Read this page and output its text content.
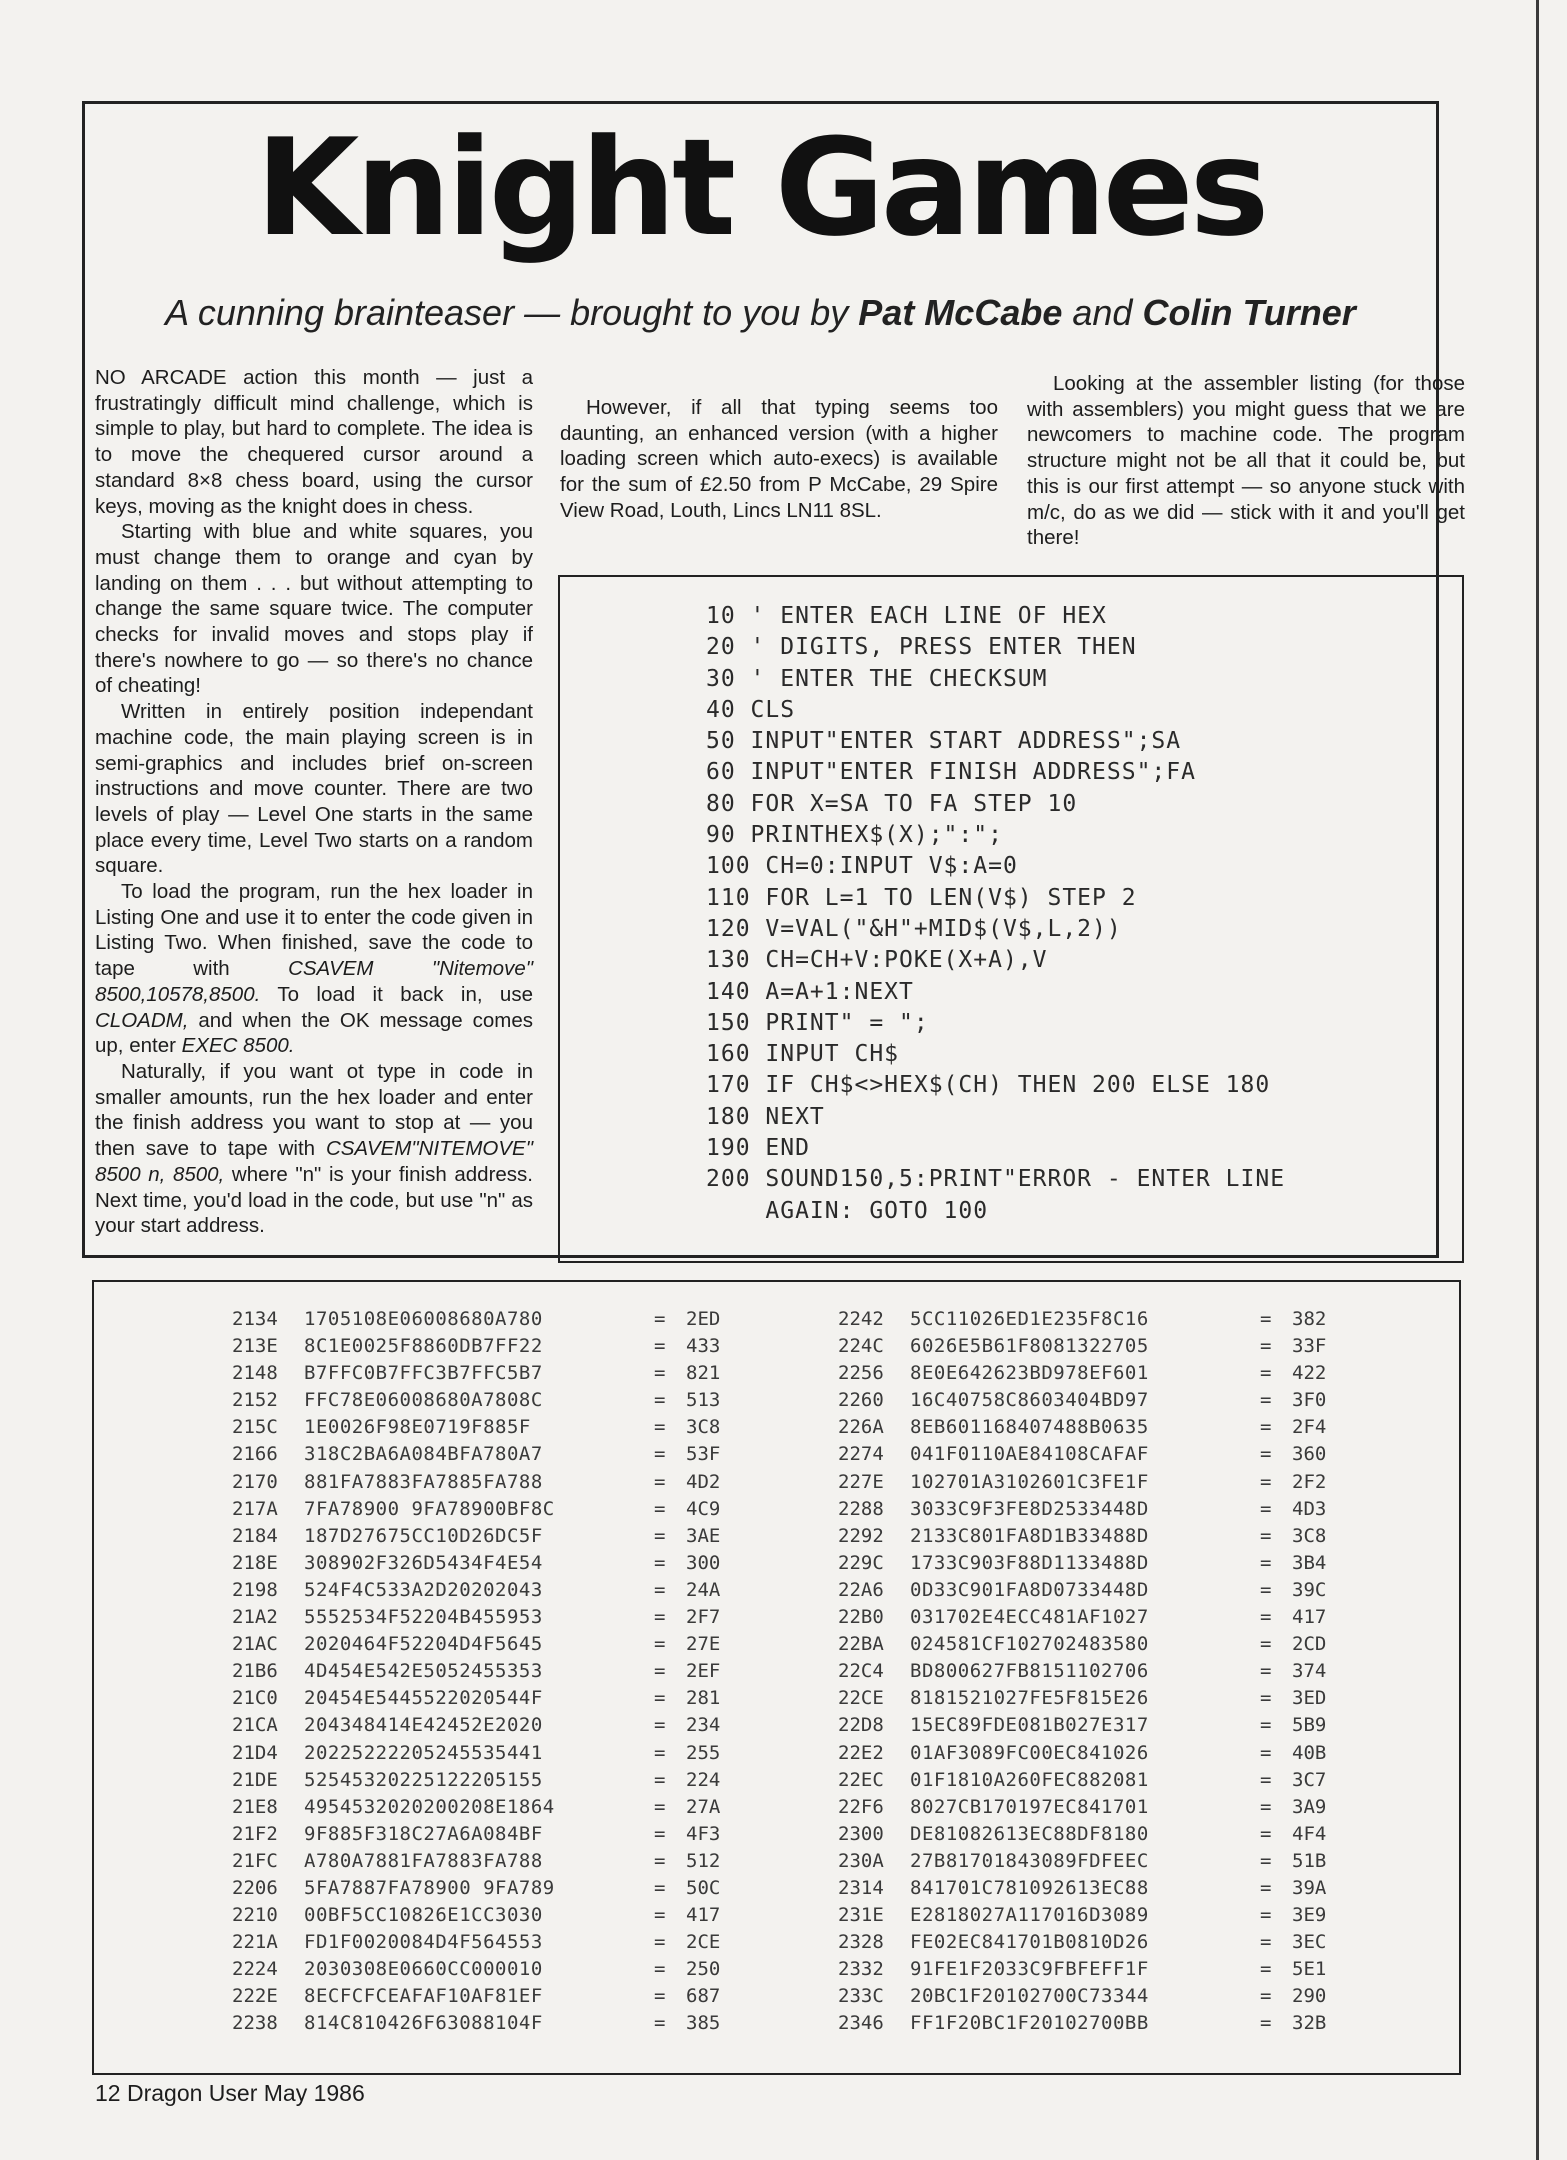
Knight Games
A cunning brainteaser — brought to you by Pat McCabe and Colin Turner

NO ARCADE action this month — just a frustratingly difficult mind challenge, which is simple to play, but hard to complete. The idea is to move the chequered cursor around a standard 8×8 chess board, using the cursor keys, moving as the knight does in chess.

Starting with blue and white squares, you must change them to orange and cyan by landing on them . . . but without attempting to change the same square twice. The computer checks for invalid moves and stops play if there's nowhere to go — so there's no chance of cheating!

Written in entirely position independant machine code, the main playing screen is in semi-graphics and includes brief on-screen instructions and move counter. There are two levels of play — Level One starts in the same place every time, Level Two starts on a random square.

To load the program, run the hex loader in Listing One and use it to enter the code given in Listing Two. When finished, save the code to tape with	CSAVEM "Nitemove" 8500,10578,8500. To load it back in, use CLOADM, and when the OK message comes up, enter EXEC 8500.

Naturally, if you want ot type in code in smaller amounts, run the hex loader and enter the finish address you want to stop at — you then save to tape with CSAVEM"NITEMOVE" 8500 n, 8500, where "n" is your finish address. Next time, you'd load in the code, but use "n" as your start address.

However, if all that typing seems too daunting, an enhanced version (with a higher loading screen which auto-execs) is available for the sum of £2.50 from P McCabe, 29 Spire View Road, Louth, Lincs LN11 8SL.

Looking at the assembler listing (for those with assemblers) you might guess that we are newcomers to machine code. The program structure might not be all that it could be, but this is our first attempt — so anyone stuck with m/c, do as we did — stick with it and you'll get there!

10 ' ENTER EACH LINE OF HEX
20 ' DIGITS, PRESS ENTER THEN
30 ' ENTER THE CHECKSUM
40 CLS
50 INPUT"ENTER START ADDRESS";SA
60 INPUT"ENTER FINISH ADDRESS";FA
80 FOR X=SA TO FA STEP 10
90 PRINTHEX$(X);":";
100 CH=0:INPUT V$:A=0
110 FOR L=1 TO LEN(V$) STEP 2
120 V=VAL("&H"+MID$(V$,L,2))
130 CH=CH+V:POKE(X+A),V
140 A=A+1:NEXT
150 PRINT" = ";
160 INPUT CH$
170 IF CH$<>HEX$(CH) THEN 200 ELSE 180
180 NEXT
190 END
200 SOUND150,5:PRINT"ERROR - ENTER LINE
AGAIN: GOTO 100
2134 1705108E06008680A780	= 2ED
213E 8C1E0025F8860DB7FF22	= 433
2148 B7FFC0B7FFC3B7FFC5B7	= 821
2152 FFC78E06008680A7808C	= 513
215C 1E0026F98E0719F885F	= 3C8
2166 318C2BA6A084BFA780A7	= 53F
2170 881FA7883FA7885FA788	= 4D2
217A 7FA78900 9FA78900BF8C	= 4C9
2184 187D27675CC10D26DC5F	= 3AE
218E 308902F326D5434F4E54	= 300
2198 524F4C533A2D20202043	= 24A
21A2 5552534F52204B455953	= 2F7
21AC 2020464F52204D4F5645	= 27E
21B6 4D454E542E5052455353	= 2EF
21C0 20454E5445522020544F	= 281
21CA 204348414E42452E2020	= 234
21D4 20225222205245535441	= 255
21DE 52545320225122205155	= 224
21E8 4954532020200208E1864	= 27A
21F2 9F885F318C27A6A084BF	= 4F3
21FC A780A7881FA7883FA788	= 512
2206 5FA7887FA78900 9FA789	= 50C
2210 00BF5CC10826E1CC3030	= 417
221A FD1F0020084D4F564553	= 2CE
2224 2030308E0660CC000010	= 250
222E 8ECFCFCEAFAF10AF81EF	= 687
2238 814C810426F63088104F	= 385
2242 5CC11026ED1E235F8C16	= 382
224C 6026E5B61F8081322705	= 33F
2256 8E0E642623BD978EF601	= 422
2260 16C40758C8603404BD97	= 3F0
226A 8EB601168407488B0635	= 2F4
2274 041F0110AE84108CAFAF	= 360
227E 102701A3102601C3FE1F	= 2F2
2288 3033C9F3FE8D2533448D	= 4D3
2292 2133C801FA8D1B33488D	= 3C8
229C 1733C903F88D1133488D	= 3B4
22A6 0D33C901FA8D0733448D	= 39C
22B0 031702E4ECC481AF1027	= 417
22BA 024581CF102702483580	= 2CD
22C4 BD800627FB8151102706	= 374
22CE 8181521027FE5F815E26	= 3ED
22D8 15EC89FDE081B027E317	= 5B9
22E2 01AF3089FC00EC841026	= 40B
22EC 01F1810A260FEC882081	= 3C7
22F6 8027CB170197EC841701	= 3A9
2300 DE81082613EC88DF8180	= 4F4
230A 27B81701843089FDFEEC	= 51B
2314 841701C781092613EC88	= 39A
231E E2818027A117016D3089	= 3E9
2328 FE02EC841701B0810D26	= 3EC
2332 91FE1F2033C9FBFEFF1F	= 5E1
233C 20BC1F20102700C73344	= 290
2346 FF1F20BC1F20102700BB	= 32B
12 Dragon User May 1986
